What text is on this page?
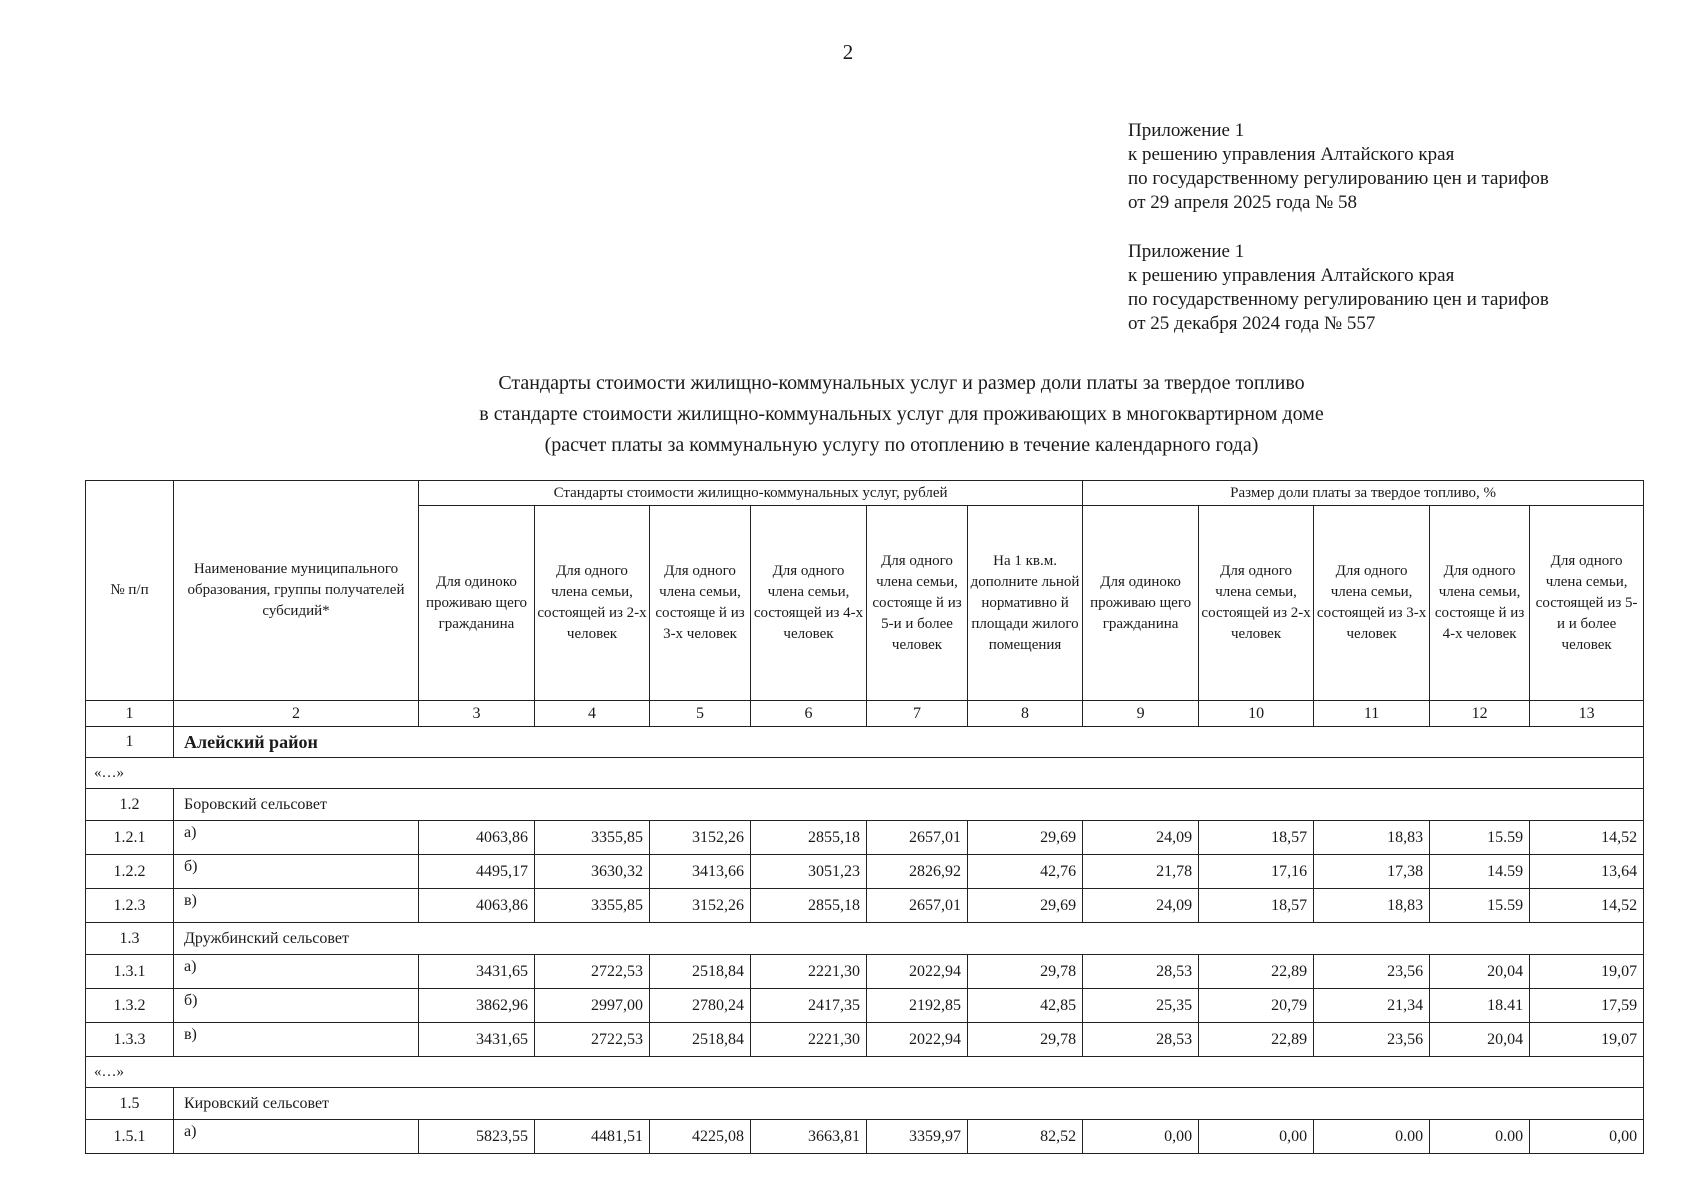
2
Приложение 1
к решению управления Алтайского края
по государственному регулированию цен и тарифов
от 29 апреля 2025 года № 58
Приложение 1
к решению управления Алтайского края
по государственному регулированию цен и тарифов
от 25 декабря 2024 года № 557
Стандарты стоимости жилищно-коммунальных услуг и размер доли платы за твердое топливо
в стандарте стоимости жилищно-коммунальных услуг для проживающих в многоквартирном доме
(расчет платы за коммунальную услугу по отоплению в течение календарного года)
№ п/п	Наименование муниципального образования, группы получателей субсидий*	Стандарты стоимости жилищно-коммунальных услуг, рублей						Размер доли платы за твердое топливо, %				
		Для одиноко проживаю щего гражданина	Для одного члена семьи, состоящей из 2-х человек	Для одного члена семьи, состояще й из 3-х человек	Для одного члена семьи, состоящей из 4-х человек	Для одного члена семьи, состояще й из 5-и и более человек	На 1 кв.м. дополните льной нормативно й площади жилого помещения	Для одиноко проживаю щего гражданина	Для одного члена семьи, состоящей из 2-х человек	Для одного члена семьи, состоящей из 3-х человек	Для одного члена семьи, состояще й из 4-х человек	Для одного члена семьи, состоящей из 5-и и более человек
1	2	3	4	5	6	7	8	9	10	11	12	13
1	Алейский район											
«…»												
1.2	Боровский сельсовет											
1.2.1	а)	4063,86	3355,85	3152,26	2855,18	2657,01	29,69	24,09	18,57	18,83	15.59	14,52
1.2.2	б)	4495,17	3630,32	3413,66	3051,23	2826,92	42,76	21,78	17,16	17,38	14.59	13,64
1.2.3	в)	4063,86	3355,85	3152,26	2855,18	2657,01	29,69	24,09	18,57	18,83	15.59	14,52
1.3	Дружбинский сельсовет											
1.3.1	а)	3431,65	2722,53	2518,84	2221,30	2022,94	29,78	28,53	22,89	23,56	20,04	19,07
1.3.2	б)	3862,96	2997,00	2780,24	2417,35	2192,85	42,85	25,35	20,79	21,34	18.41	17,59
1.3.3	в)	3431,65	2722,53	2518,84	2221,30	2022,94	29,78	28,53	22,89	23,56	20,04	19,07
«…»												
1.5	Кировский сельсовет											
1.5.1	а)	5823,55	4481,51	4225,08	3663,81	3359,97	82,52	0,00	0,00	0.00	0.00	0,00
